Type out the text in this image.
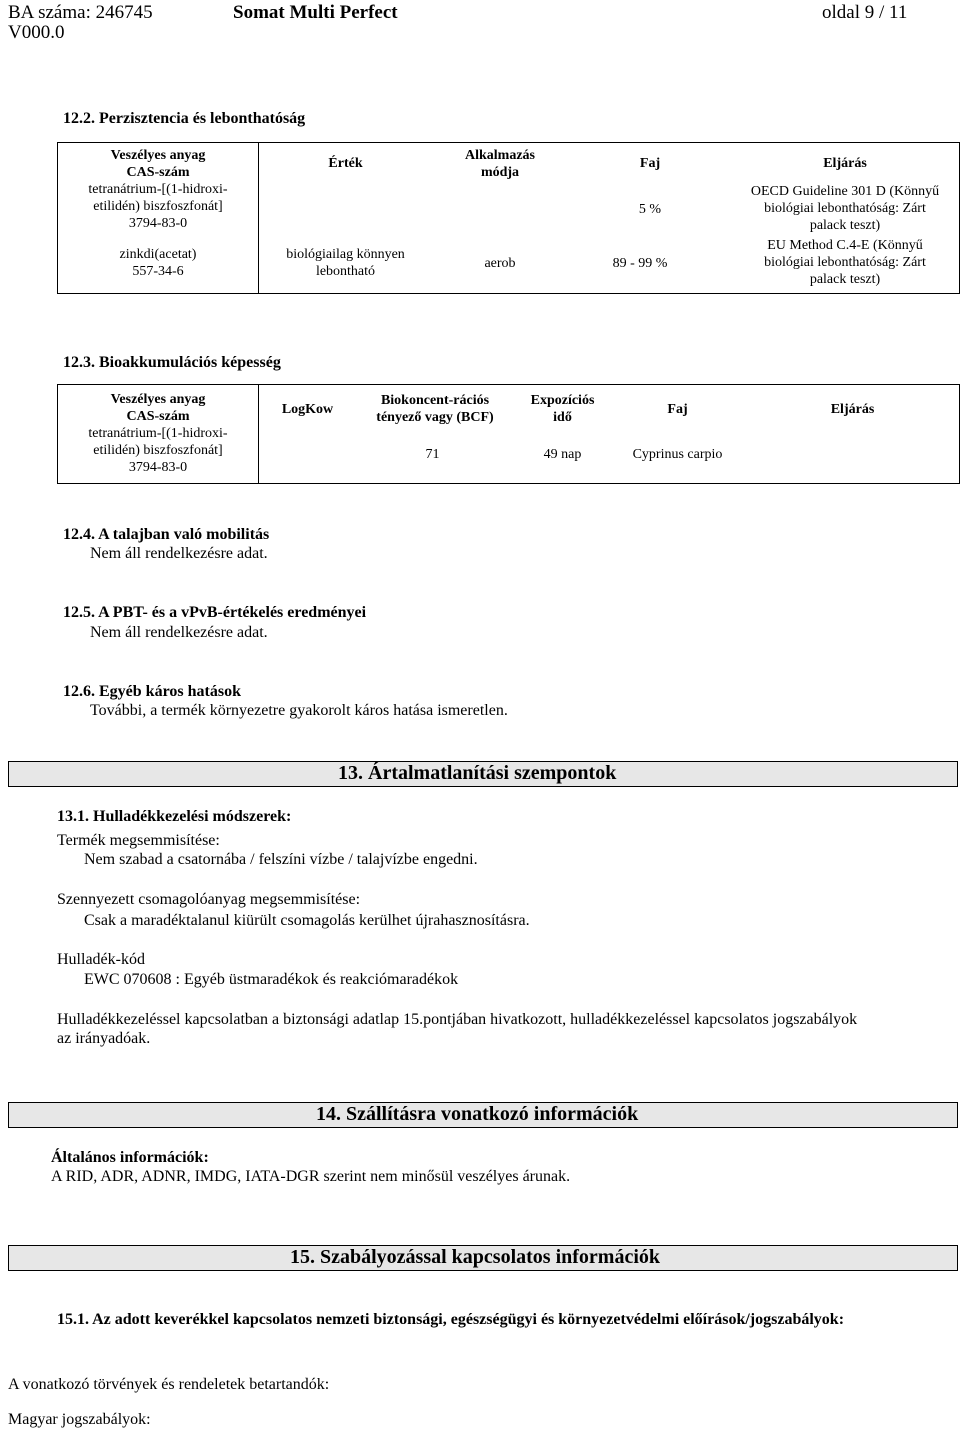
BA száma: 246745
V000.0
Somat Multi Perfect	oldal 9 / 11
12.2. Perzisztencia és lebonthatóság
Veszélyes anyag
CAS-szám
tetranátrium-[(1-hidroxi-
etilidén) biszfoszfonát]
3794-83-0
zinkdi(acetat)
557-34-6
Érték
biológiailag könnyen
lebontható
Alkalmazás
módja
aerob
Faj
5 %
89 - 99 %
Eljárás
OECD Guideline 301 D (Könnyű
biológiai lebonthatóság: Zárt
palack teszt)
EU Method C.4-E (Könnyű
biológiai lebonthatóság: Zárt
palack teszt)
12.3. Bioakkumulációs képesség
Veszélyes anyag
CAS-szám
tetranátrium-[(1-hidroxi-
etilidén) biszfoszfonát]
3794-83-0
LogKow
Biokoncent-rációs
tényező vagy (BCF)
71
Expozíciós
idő
49 nap
Faj
Cyprinus carpio
Eljárás
12.4. A talajban való mobilitás
Nem áll rendelkezésre adat.
12.5. A PBT- és a vPvB-értékelés eredményei
Nem áll rendelkezésre adat.
12.6. Egyéb káros hatások
További, a termék környezetre gyakorolt káros hatása ismeretlen.
13. Ártalmatlanítási szempontok
13.1. Hulladékkezelési módszerek:
Termék megsemmisítése:
Nem szabad a csatornába / felszíni vízbe / talajvízbe engedni.
Szennyezett csomagolóanyag megsemmisítése:
Csak a maradéktalanul kiürült csomagolás kerülhet újrahasznosításra.
Hulladék-kód
EWC 070608 : Egyéb üstmaradékok és reakciómaradékok
Hulladékkezeléssel kapcsolatban a biztonsági adatlap 15.pontjában hivatkozott, hulladékkezeléssel kapcsolatos jogszabályok
az irányadóak.
14. Szállításra vonatkozó információk
Általános információk:
A RID, ADR, ADNR, IMDG, IATA-DGR szerint nem minősül veszélyes árunak.
15. Szabályozással kapcsolatos információk
15.1. Az adott keverékkel kapcsolatos nemzeti biztonsági, egészségügyi és környezetvédelmi előírások/jogszabályok:
A vonatkozó törvények és rendeletek betartandók:
Magyar jogszabályok:
